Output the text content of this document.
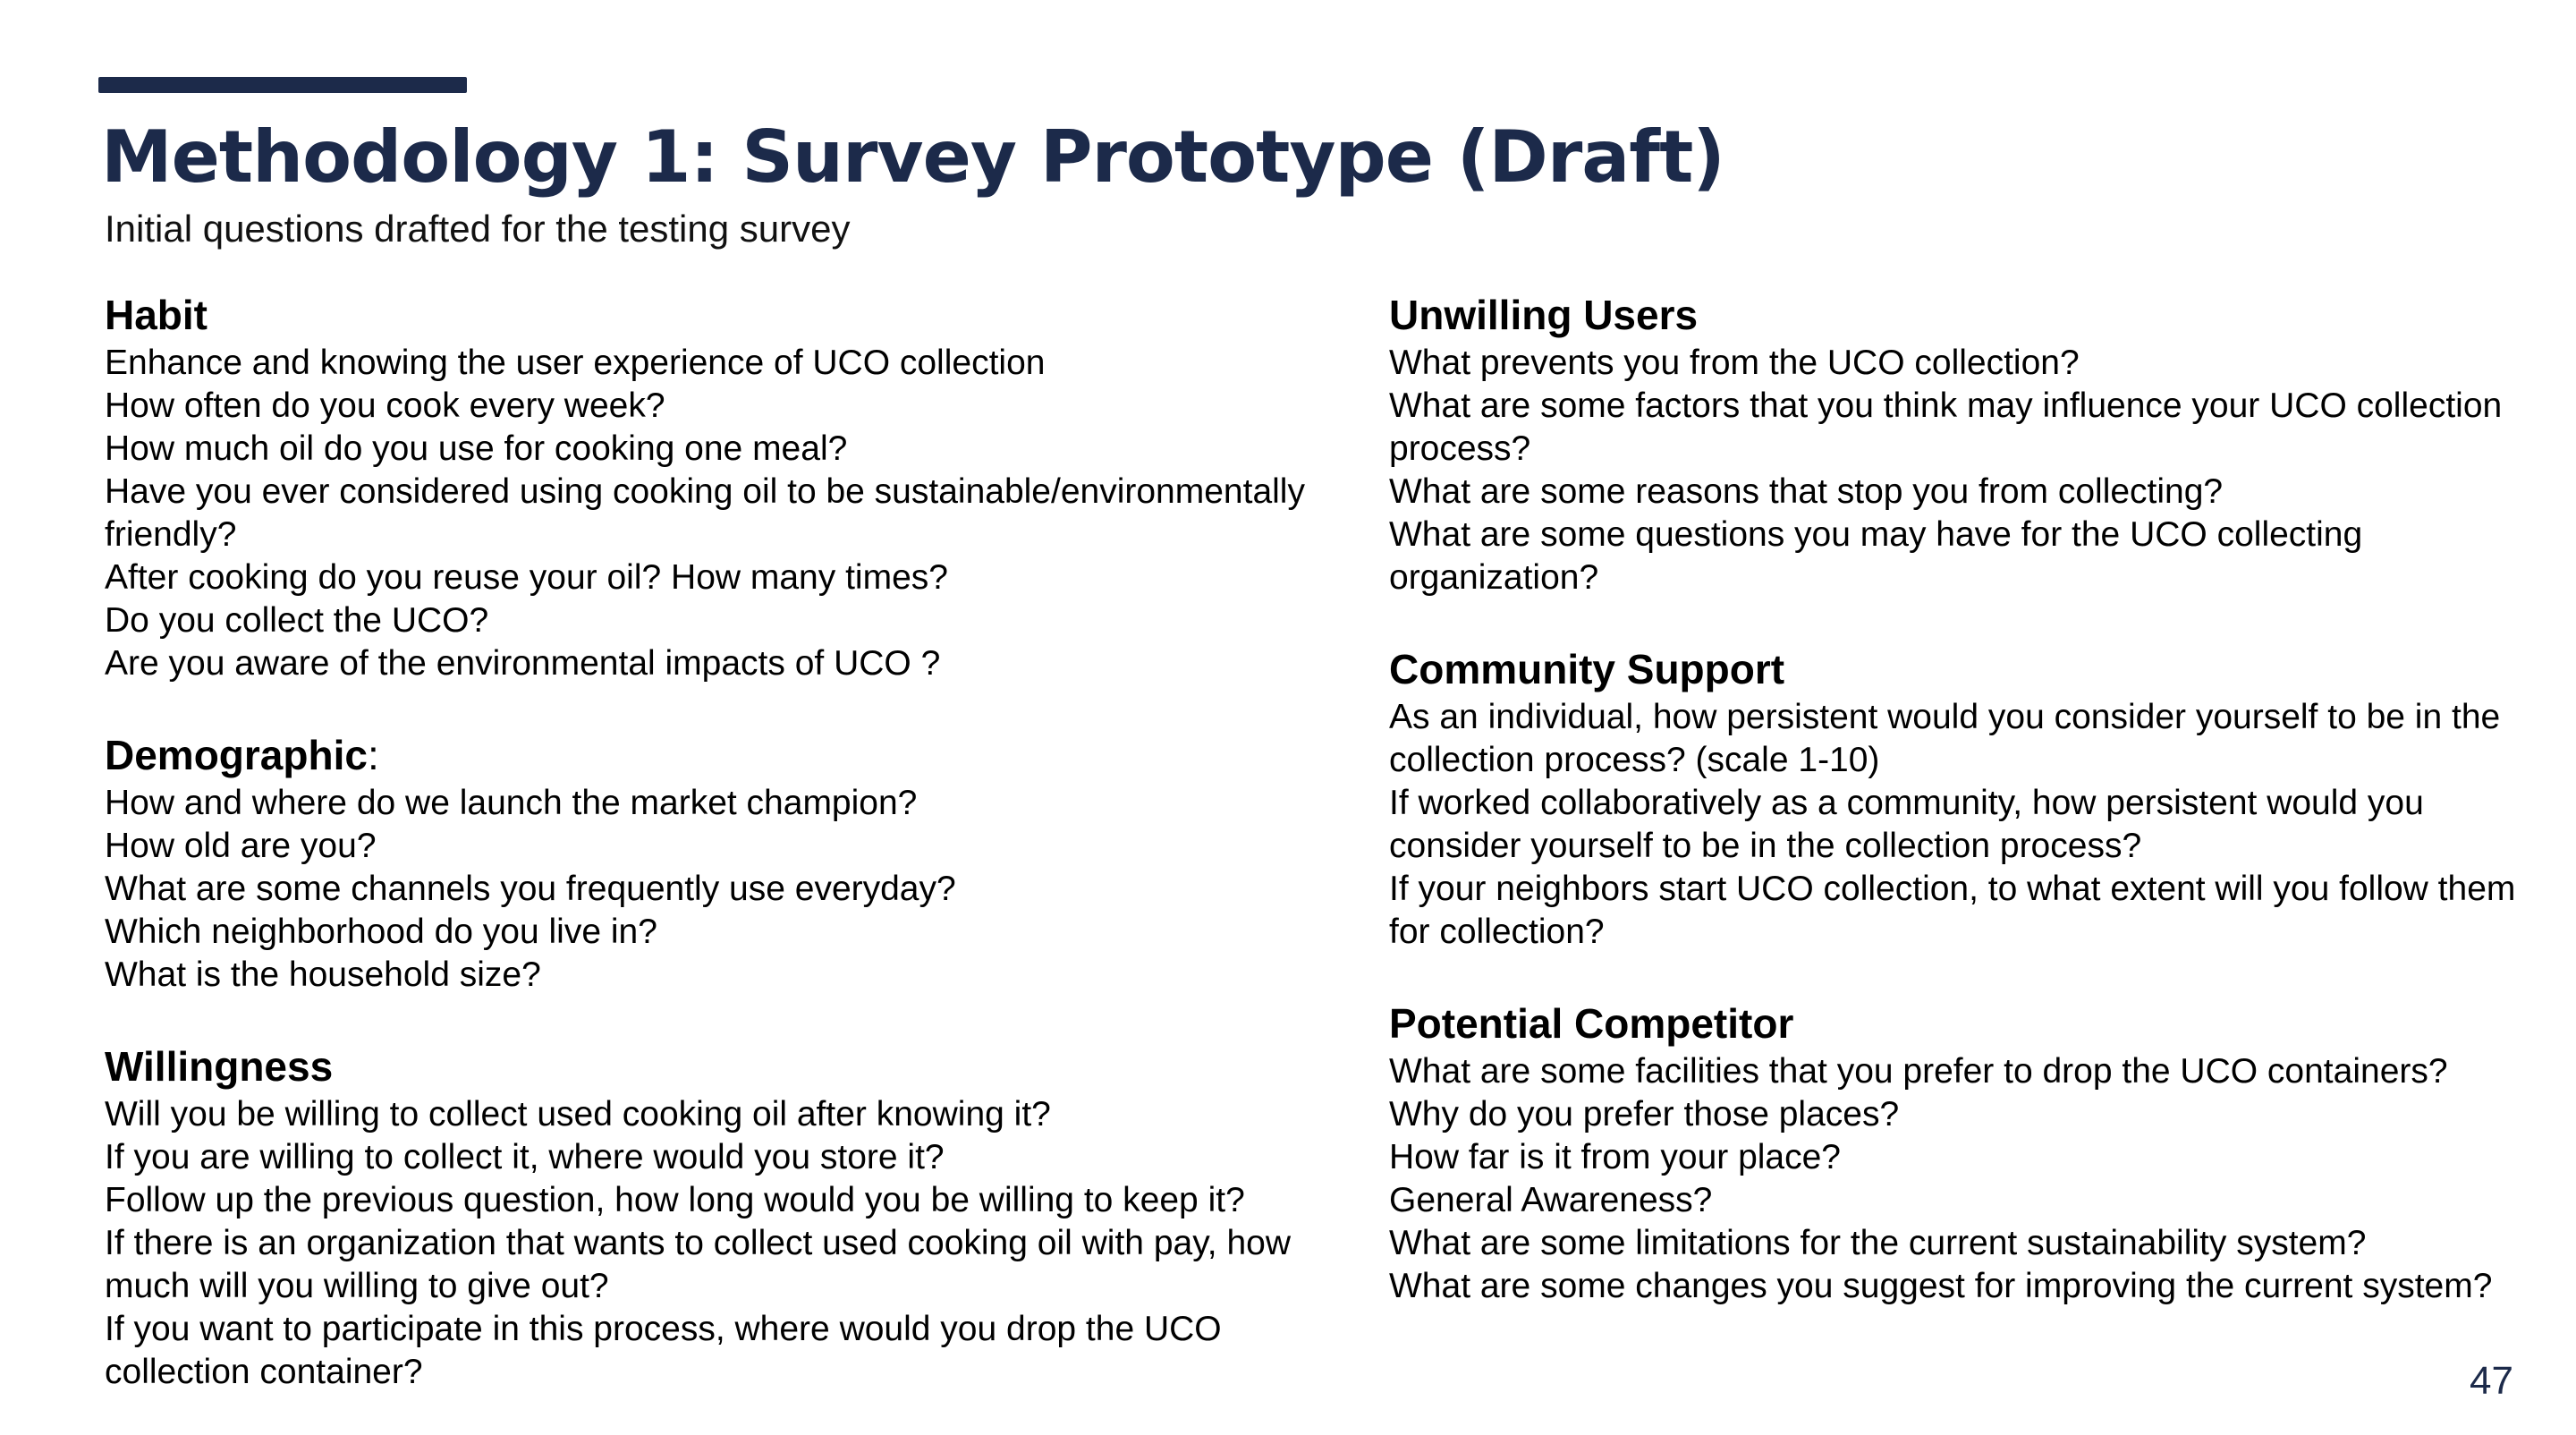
Methodology 1: Survey Prototype (Draft)
Initial questions drafted for the testing survey
Habit
Enhance and knowing the user experience of UCO collection
How often do you cook every week?
How much oil do you use for cooking one meal?
Have you ever considered using cooking oil to be sustainable/environmentally friendly?
After cooking do you reuse your oil? How many times?
Do you collect the UCO?
Are you aware of the environmental impacts of UCO ?
Demographic:
How and where do we launch the market champion?
How old are you?
What are some channels you frequently use everyday?
Which neighborhood do you live in?
What is the household size?
Willingness
Will you be willing to collect used cooking oil after knowing it?
If you are willing to collect it, where would you store it?
Follow up the previous question, how long would you be willing to keep it?
If there is an organization that wants to collect used cooking oil with pay, how much will you willing to give out?
If you want to participate in this process, where would you drop the UCO collection container?
Unwilling Users
What prevents you from the UCO collection?
What are some factors that you think may influence your UCO collection process?
What are some reasons that stop you from collecting?
What are some questions you may have for the UCO collecting organization?
Community Support
As an individual, how persistent would you consider yourself to be in the collection process? (scale 1-10)
If worked collaboratively as a community, how persistent would you consider yourself to be in the collection process?
If your neighbors start UCO collection, to what extent will you follow them for collection?
Potential Competitor
What are some facilities that you prefer to drop the UCO containers?
Why do you prefer those places?
How far is it from your place?
General Awareness?
What are some limitations for the current sustainability system?
What are some changes you suggest for improving the current system?
47
